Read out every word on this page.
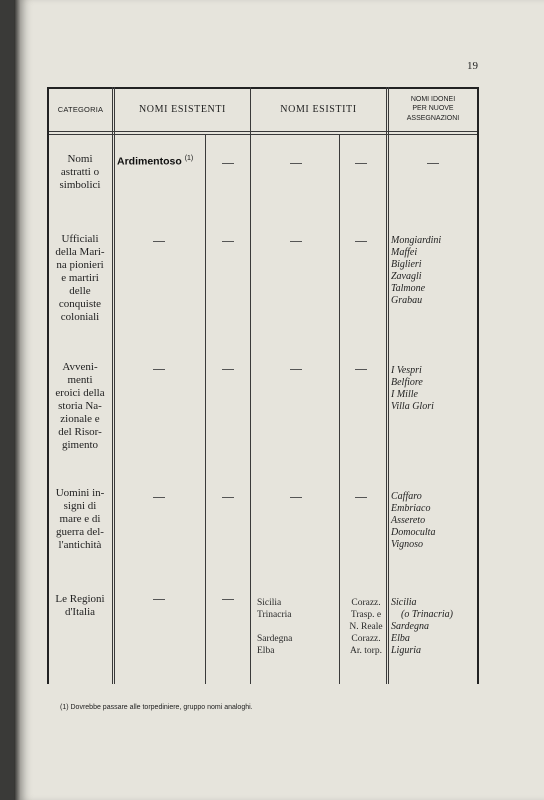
19
CATEGORIA	NOMI ESISTENTI	NOMI ESISTITI
NOMI IDONEI
PER NUOVE
ASSEGNAZIONI
Nomi
astratti o
simbolici
Ardimentoso $^{(1)}$
Ufficiali
della Mari-
na pionieri
e martiri
delle
conquiste
coloniali
Mongiardini
Maffei
Biglieri
Zavagli
Talmone
Grabau
Avveni-
menti
eroici della
storia Na-
zionale e
del Risor-
gimento
I Vespri
Belfiore
I Mille
Villa Glori
Uomini in-
signi di
mare e di
guerra del-
l'antichità
Caffaro
Embriaco
Assereto
Domoculta
Vignoso
Le Regioni
d'Italia
Sicilia
Trinacria
Sardegna
Elba
Corazz.
Trasp. e
N. Reale
Corazz.
Ar. torp.
Sicilia
(o Trinacria)
Sardegna
Elba
Liguria
(1) Dovrebbe passare alle torpediniere, gruppo nomi analoghi.
